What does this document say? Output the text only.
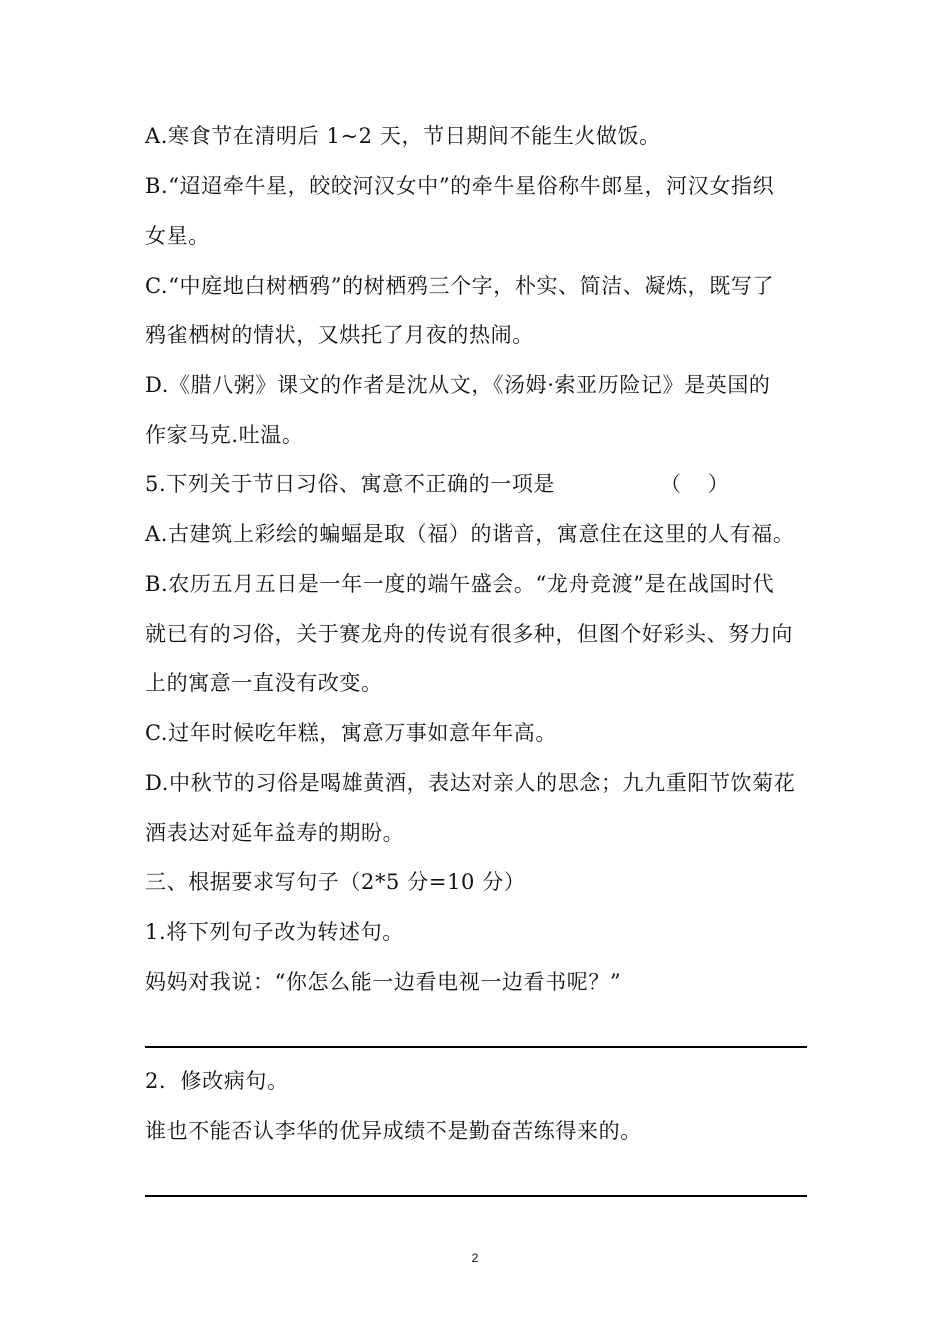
A.寒食节在清明后 1~2 天，节日期间不能生火做饭。
B.“迢迢牵牛星，皎皎河汉女中”的牵牛星俗称牛郎星，河汉女指织
女星。
C.“中庭地白树栖鸦”的树栖鸦三个字，朴实、简洁、凝炼，既写了
鸦雀栖树的情状，又烘托了月夜的热闹。
D.《腊八粥》课文的作者是沈从文，《汤姆·索亚历险记》是英国的
作家马克.吐温。
5.下列关于节日习俗、寓意不正确的一项是	（    ）
A.古建筑上彩绘的蝙蝠是取（福）的谐音，寓意住在这里的人有福。
B.农历五月五日是一年一度的端午盛会。“龙舟竞渡”是在战国时代
就已有的习俗，关于赛龙舟的传说有很多种，但图个好彩头、努力向
上的寓意一直没有改变。
C.过年时候吃年糕，寓意万事如意年年高。
D.中秋节的习俗是喝雄黄酒，表达对亲人的思念；九九重阳节饮菊花
酒表达对延年益寿的期盼。
三、根据要求写句子（2*5 分=10 分）
1.将下列句子改为转述句。
妈妈对我说：“你怎么能一边看电视一边看书呢？”
2．修改病句。
谁也不能否认李华的优异成绩不是勤奋苦练得来的。
2
